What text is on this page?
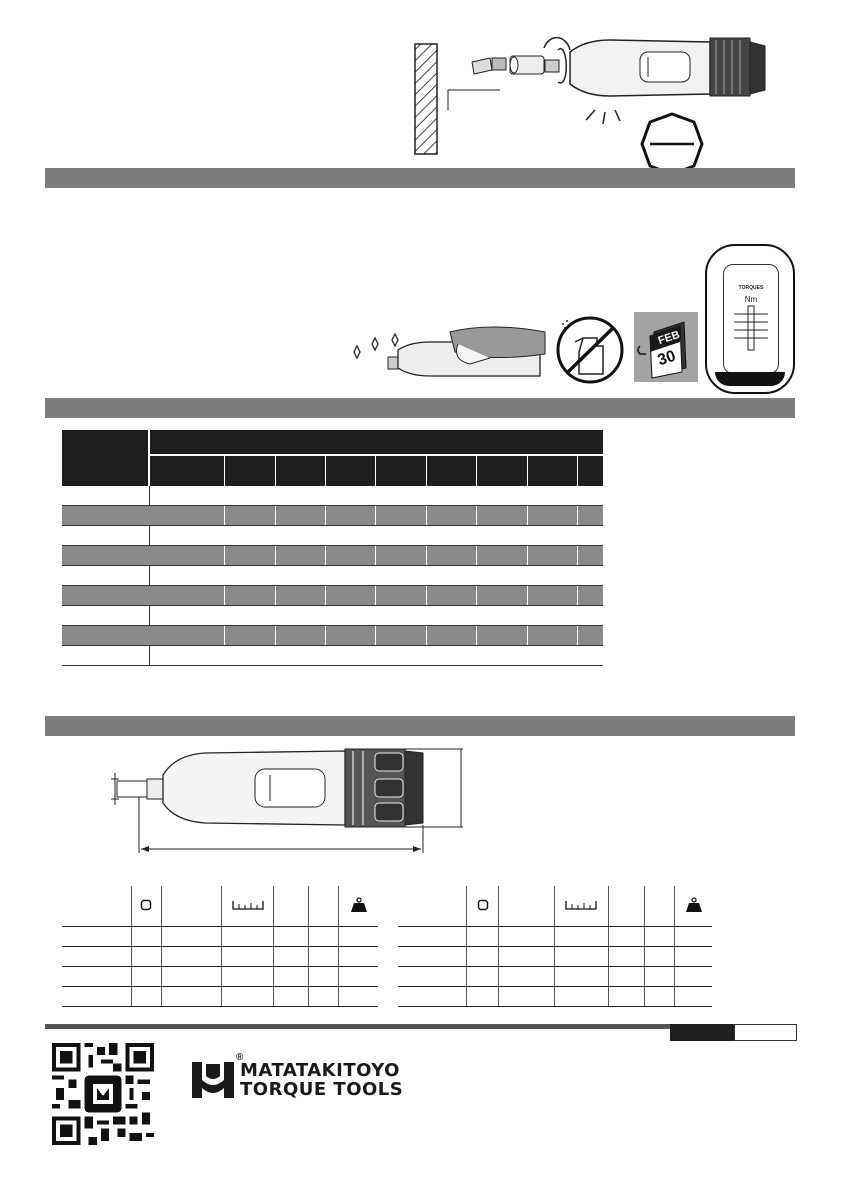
FEB
30
TORQUES
Nm

®
MATATAKITOYO
TORQUE TOOLS
